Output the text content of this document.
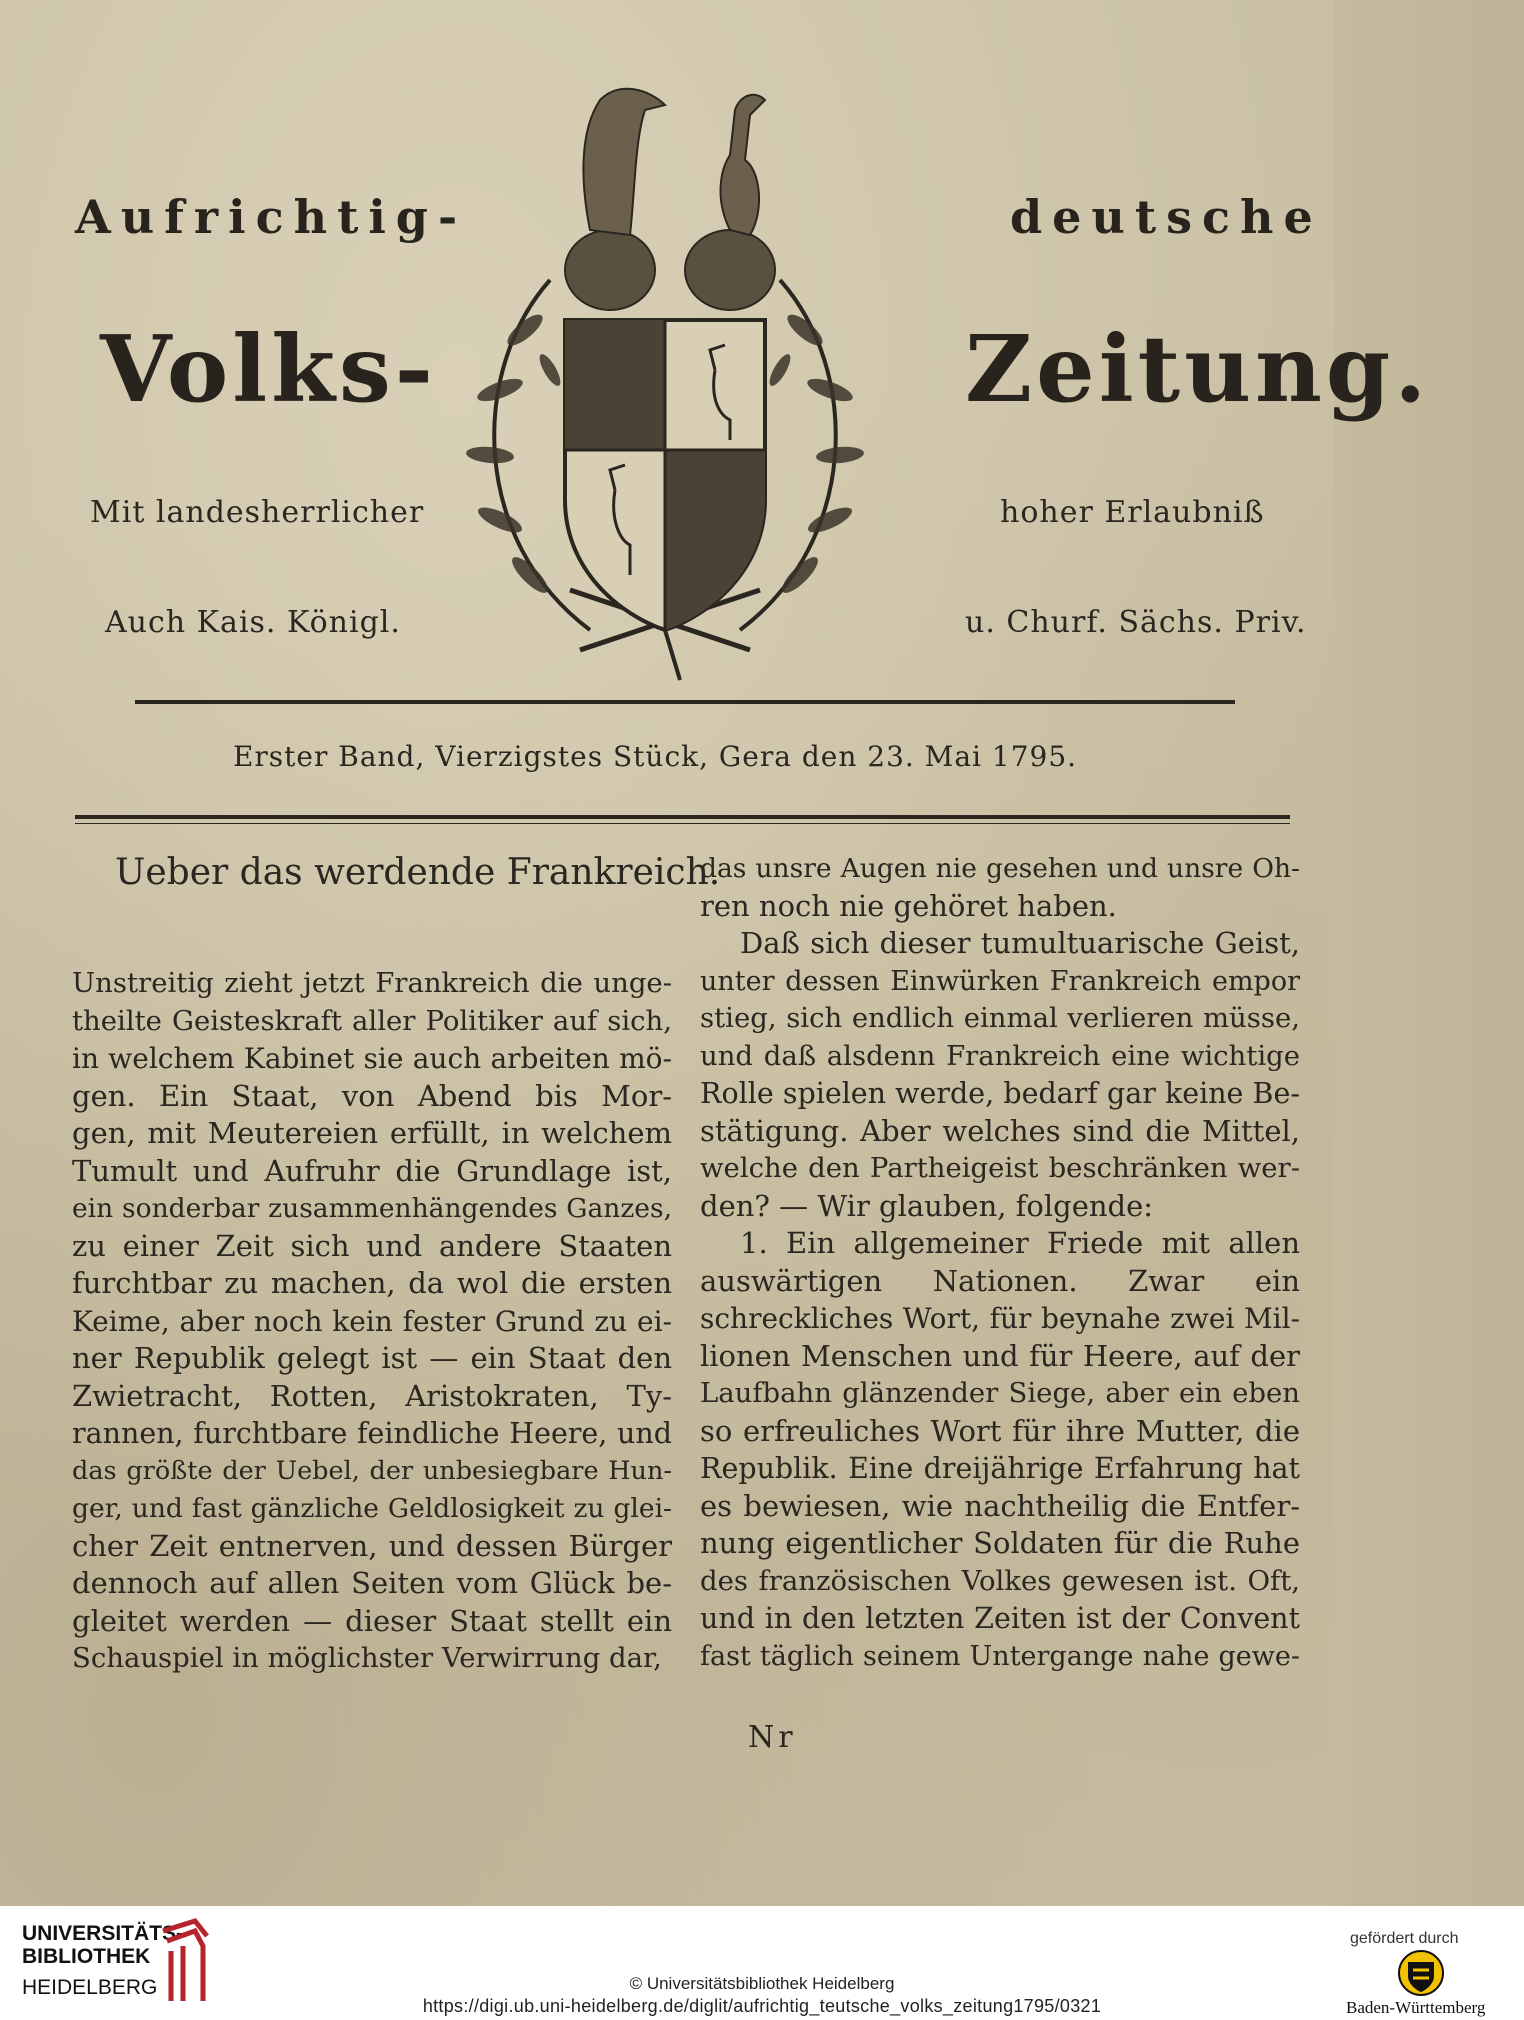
Aufrichtig-	deutsche
Volks-	Zeitung.
Mit landesherrlicher	hoher Erlaubniß
Auch Kais. Königl.	u. Churf. Sächs. Priv.
Erster Band, Vierzigstes Stück, Gera den 23. Mai 1795.
Ueber das werdende Frankreich.

Unstreitig zieht jetzt Frankreich die unge-

theilte Geisteskraft aller Politiker auf sich,

in welchem Kabinet sie auch arbeiten mö-

gen. Ein Staat, von Abend bis Mor-

gen, mit Meutereien erfüllt, in welchem

Tumult und Aufruhr die Grundlage ist,

ein sonderbar zusammenhängendes Ganzes,

zu einer Zeit sich und andere Staaten

furchtbar zu machen, da wol die ersten

Keime, aber noch kein fester Grund zu ei-

ner Republik gelegt ist — ein Staat den

Zwietracht, Rotten, Aristokraten, Ty-

rannen, furchtbare feindliche Heere, und

das größte der Uebel, der unbesiegbare Hun-

ger, und fast gänzliche Geldlosigkeit zu glei-

cher Zeit entnerven, und dessen Bürger

dennoch auf allen Seiten vom Glück be-

gleitet werden — dieser Staat stellt ein

Schauspiel in möglichster Verwirrung dar,

das unsre Augen nie gesehen und unsre Oh-

ren noch nie gehöret haben.

Daß sich dieser tumultuarische Geist,

unter dessen Einwürken Frankreich empor

stieg, sich endlich einmal verlieren müsse,

und daß alsdenn Frankreich eine wichtige

Rolle spielen werde, bedarf gar keine Be-

stätigung. Aber welches sind die Mittel,

welche den Partheigeist beschränken wer-

den? — Wir glauben, folgende:

1. Ein allgemeiner Friede mit allen

auswärtigen Nationen. Zwar ein

schreckliches Wort, für beynahe zwei Mil-

lionen Menschen und für Heere, auf der

Laufbahn glänzender Siege, aber ein eben

so erfreuliches Wort für ihre Mutter, die

Republik. Eine dreijährige Erfahrung hat

es bewiesen, wie nachtheilig die Entfer-

nung eigentlicher Soldaten für die Ruhe

des französischen Volkes gewesen ist. Oft,

und in den letzten Zeiten ist der Convent

fast täglich seinem Untergange nahe gewe-

Nr
UNIVERSITÄTS-
BIBLIOTHEK
HEIDELBERG	© Universitätsbibliothek Heidelberg
https://digi.ub.uni-heidelberg.de/diglit/aufrichtig_teutsche_volks_zeitung1795/0321
gefördert durch
Baden-Württemberg
